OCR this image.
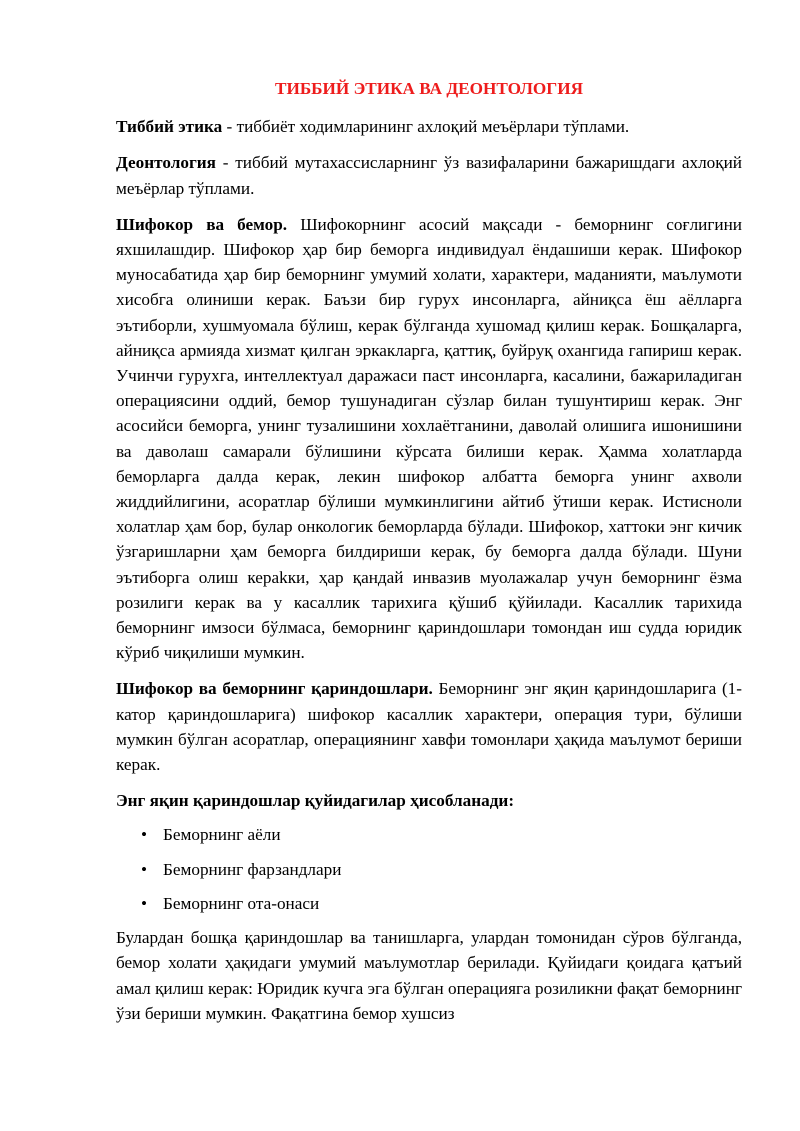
ТИББИЙ ЭТИКА ВА ДЕОНТОЛОГИЯ

Тиббий этика - тиббиёт ходимларининг ахлоқий меъёрлари тўплами.

Деонтология - тиббий мутахассисларнинг ўз вазифаларини бажаришдаги ахлоқий меъёрлар тўплами.

Шифокор ва бемор. Шифокорнинг асосий мақсади - беморнинг соғлигини яхшилашдир. Шифокор ҳар бир беморга индивидуал ёндашиши керак. Шифокор муносабатида ҳар бир беморнинг умумий холати, характери, маданияти, маълумоти хисобга олиниши керак. Баъзи бир гурух инсонларга, айниқса ёш аёлларга эътиборли, хушмуомала бўлиш, керак бўлганда хушомад қилиш керак. Бошқаларга, айниқса армияда хизмат қилган эркакларга, қаттиқ, буйруқ охангида гапириш керак. Учинчи гурухга, интеллектуал даражаси паст инсонларга, касалини, бажариладиган операциясини оддий, бемор тушунадиган сўзлар билан тушунтириш керак. Энг асосийси беморга, унинг тузалишини хохлаётганини, даволай олишига ишонишини ва даволаш самарали бўлишини кўрсата билиши керак. Ҳамма холатларда беморларга далда керак, лекин шифокор албатта беморга унинг ахволи жиддийлигини, асоратлар бўлиши мумкинлигини айтиб ўтиши керак. Истисноли холатлар ҳам бор, булар онкологик беморларда бўлади. Шифокор, хаттоки энг кичик ўзгаришларни ҳам беморга билдириши керак, бу беморга далда бўлади. Шуни эътиборга олиш кераkки, ҳар қандай инвазив муолажалар учун беморнинг ёзма розилиги керак ва у касаллик тарихига қўшиб қўйилади. Касаллик тарихида беморнинг имзоси бўлмаса, беморнинг қариндошлари томондан иш судда юридик кўриб чиқилиши мумкин.

Шифокор ва беморнинг қариндошлари. Беморнинг энг яқин қариндошларига (1-катор қариндошларига) шифокор касаллик характери, операция тури, бўлиши мумкин бўлган асоратлар, операциянинг хавфи томонлари ҳақида маълумот бериши керак.

Энг яқин қариндошлар қуйидагилар ҳисобланади:
• Беморнинг аёли
• Беморнинг фарзандлари
• Беморнинг ота-онаси

Булардан бошқа қариндошлар ва танишларга, улардан томонидан сўров бўлганда, бемор холати ҳақидаги умумий маълумотлар берилади. Қуйидаги қоидага қатъий амал қилиш керак: Юридик кучга эга бўлган операцияга розиликни фақат беморнинг ўзи бериши мумкин. Фақатгина бемор хушсиз
